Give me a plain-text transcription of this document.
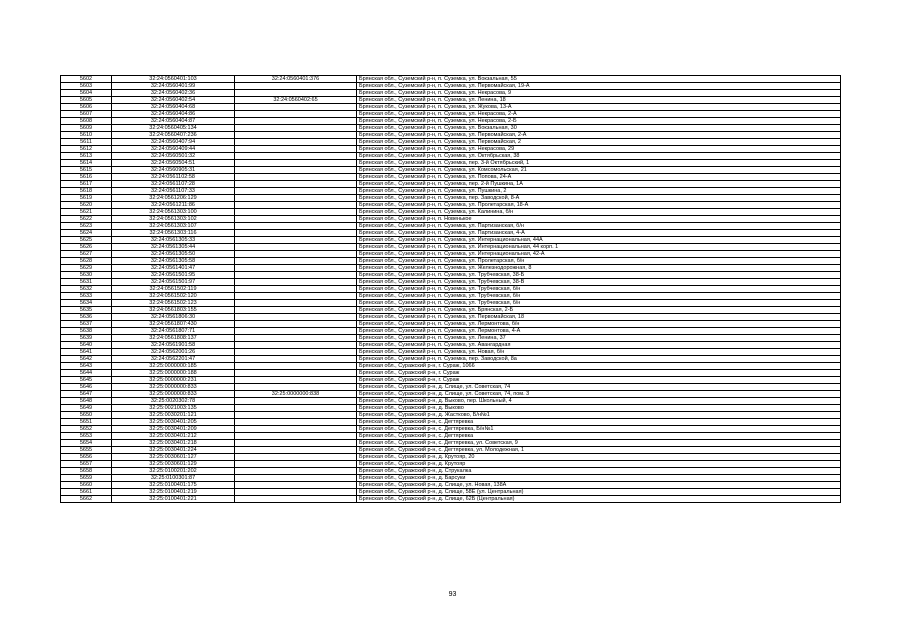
5602	32:24:0560401:103	32:24:0560401:376	Брянская обл., Суземский р-н, п. Суземка, ул. Вокзальная, 55
5603	32:24:0560401:99		Брянская обл., Суземский р-н, п. Суземка, ул. Первомайская, 19-А
5604	32:24:0560402:36		Брянская обл., Суземский р-н, п. Суземка, ул. Некрасова, 9
5605	32:24:0560402:54	32:24:0560402:65	Брянская обл., Суземский р-н, п. Суземка, ул. Ленина, 18
5606	32:24:0560404:68		Брянская обл., Суземский р-н, п. Суземка, ул. Жукова, 13-А
5607	32:24:0560404:86		Брянская обл., Суземский р-н, п. Суземка, ул. Некрасова, 2-А
5608	32:24:0560404:87		Брянская обл., Суземский р-н, п. Суземка, ул. Некрасова, 2-Б
5609	32:24:0560405:134		Брянская обл., Суземский р-н, п. Суземка, ул. Вокзальная, 30
5610	32:24:0560407:236		Брянская обл., Суземский р-н, п. Суземка, ул. Первомайская, 2-А
5611	32:24:0560407:94		Брянская обл., Суземский р-н, п. Суземка, ул. Первомайская, 2
5612	32:24:0560409:44		Брянская обл., Суземский р-н, п. Суземка, ул. Некрасова, 29
5613	32:24:0560501:32		Брянская обл., Суземский р-н, п. Суземка, ул. Октябрьская, 38
5614	32:24:0560504:51		Брянская обл., Суземский р-н, п. Суземка, пер. 3-й Октябрьский, 1
5615	32:24:0560905:31		Брянская обл., Суземский р-н, п. Суземка, ул. Комсомольская, 21
5616	32:24:0561102:58		Брянская обл., Суземский р-н, п. Суземка, ул. Попова, 24-А
5617	32:24:0561107:28		Брянская обл., Суземский р-н, п. Суземка, пер. 2-й Пушкина, 1А
5618	32:24:0561107:33		Брянская обл., Суземский р-н, п. Суземка, ул. Пушкина, 2
5619	32:24:0561206:129		Брянская обл., Суземский р-н, п. Суземка, пер. Заводской, 8-А
5620	32:24:0561211:86		Брянская обл., Суземский р-н, п. Суземка, ул. Пролетарская, 18-А
5621	32:24:0561303:100		Брянская обл., Суземский р-н, п. Суземка, ул. Калинина, б/н
5622	32:24:0561303:102		Брянская обл., Суземский р-н, п. Новенькое
5623	32:24:0561303:107		Брянская обл., Суземский р-н, п. Суземка, ул. Партизанская, б/н
5624	32:24:0561303:116		Брянская обл., Суземский р-н, п. Суземка, ул. Партизанская, 4-А
5625	32:24:0561305:33		Брянская обл., Суземский р-н, п. Суземка, ул. Интернациональная, 44А
5626	32:24:0561305:44		Брянская обл., Суземский р-н, п. Суземка, ул. Интернациональная, 44 корп. 1
5627	32:24:0561305:50		Брянская обл., Суземский р-н, п. Суземка, ул. Интернациональная, 42-А
5628	32:24:0561305:58		Брянская обл., Суземский р-н, п. Суземка, ул. Пролетарская, б/н
5629	32:24:0561401:47		Брянская обл., Суземский р-н, п. Суземка, ул. Железнодорожная, 8
5630	32:24:0561501:95		Брянская обл., Суземский р-н, п. Суземка, ул. Трубчевская, 38-Б
5631	32:24:0561501:97		Брянская обл., Суземский р-н, п. Суземка, ул. Трубчевская, 38-В
5632	32:24:0561502:119		Брянская обл., Суземский р-н, п. Суземка, ул. Трубчевская, б/н
5633	32:24:0561502:120		Брянская обл., Суземский р-н, п. Суземка, ул. Трубчевская, б/н
5634	32:24:0561502:123		Брянская обл., Суземский р-н, п. Суземка, ул. Трубчевская, б/н
5635	32:24:0561803:155		Брянская обл., Суземский р-н, п. Суземка, ул. Брянская, 2-Б
5636	32:24:0561806:30		Брянская обл., Суземский р-н, п. Суземка, ул. Первомайская, 18
5637	32:24:0561807:430		Брянская обл., Суземский р-н, п. Суземка, ул. Лермонтова, б/н
5638	32:24:0561807:71		Брянская обл., Суземский р-н, п. Суземка, ул. Лермонтова, 4-А
5639	32:24:0561808:137		Брянская обл., Суземский р-н, п. Суземка, ул. Ленина, 37
5640	32:24:0561901:58		Брянская обл., Суземский р-н, п. Суземка, ул. Авангардная
5641	32:24:0562001:26		Брянская обл., Суземский р-н, п. Суземка, ул. Новая, б/н
5642	32:24:0562201:47		Брянская обл., Суземский р-н, п. Суземка, пер. Заводской, 8а
5643	32:25:0000000:185		Брянская обл., Суражский р-н, г. Сураж, 1066
5644	32:25:0000000:188		Брянская обл., Суражский р-н, г. Сураж
5645	32:25:0000000:231		Брянская обл., Суражский р-н, г. Сураж
5646	32:25:0000000:833		Брянская обл., Суражский р-н, д. Слище, ул. Советская, 74
5647	32:25:0000000:833	32:25:0000000:838	Брянская обл., Суражский р-н, д. Слище, ул. Советская, 74, пом. 3
5648	32:25:0020302:78		Брянская обл., Суражский р-н, д. Выково, пер. Школьный, 4
5649	32:25:0021003:135		Брянская обл., Суражский р-н, д. Выково
5650	32:25:0030201:121		Брянская обл., Суражский р-н, д. Жастково, Б/н№1
5651	32:25:0030401:205		Брянская обл., Суражский р-н, с. Дегтяревка
5652	32:25:0030401:209		Брянская обл., Суражский р-н, с. Дегтяревка, Б/н№1
5653	32:25:0030401:212		Брянская обл., Суражский р-н, с. Дегтяревка
5654	32:25:0030401:218		Брянская обл., Суражский р-н, с. Дегтяревка, ул. Советская, 9
5655	32:25:0030401:224		Брянская обл., Суражский р-н, с. Дегтяревка, ул. Молодежная, 1
5656	32:25:0030601:127		Брянская обл., Суражский р-н, д. Крутояр, 20
5657	32:25:0030601:129		Брянская обл., Суражский р-н, д. Крутояр
5658	32:25:0100201:202		Брянская обл., Суражский р-н, д. Струкалка
5659	32:25:0100301:87		Брянская обл., Суражский р-н, д. Барсуки
5660	32:25:0100401:175		Брянская обл., Суражский р-н, д. Слище, ул. Новая, 138А
5661	32:25:0100401:219		Брянская обл., Суражский р-н, д. Слище, 58Е (ул. Центральная)
5662	32:25:0100401:221		Брянская обл., Суражский р-н, д. Слище, 62Б (Центральная)
93
